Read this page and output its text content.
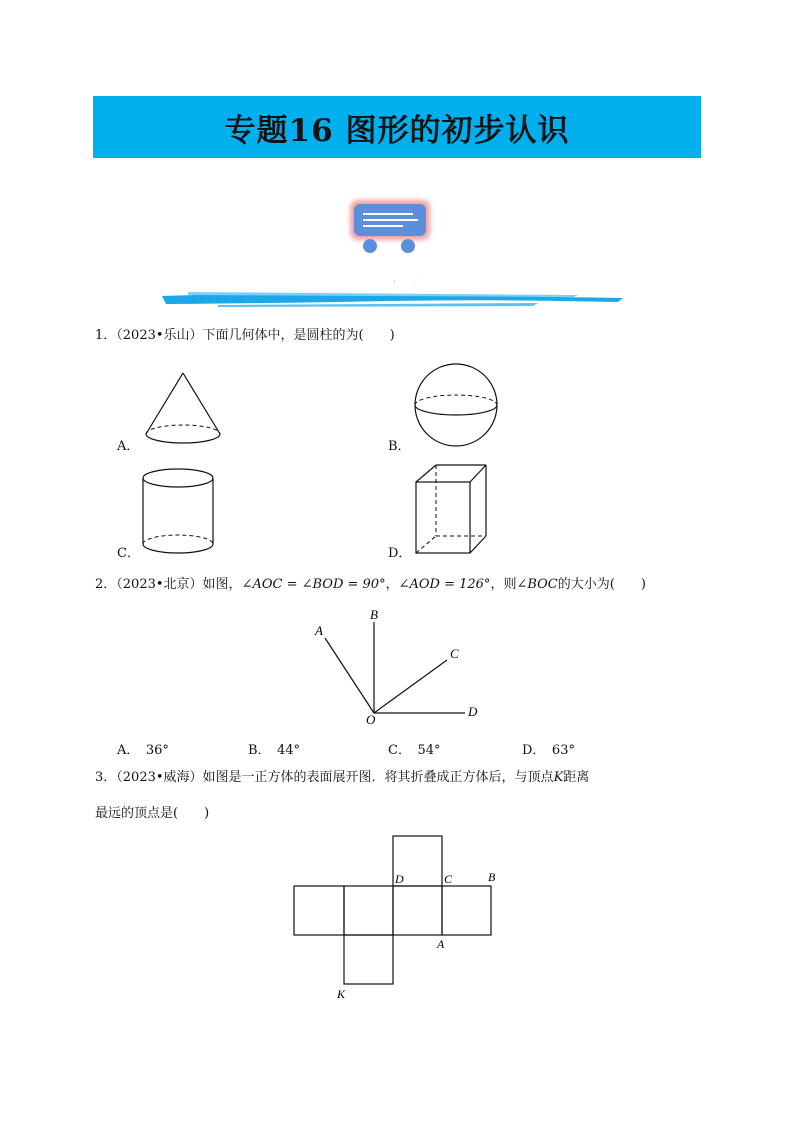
专题16 图形的初步认识
真题演练
1．（2023•乐山）下面几何体中，是圆柱的为(　　)
A．	B．
C．	D．
2．（2023•北京）如图，∠AOC = ∠BOD = 90°，∠AOD = 126°，则∠BOC的大小为(　　)
B
A
C
D
O
A．　36°	B．　44°	C．　54°	D．　63°
3．（2023•威海）如图是一正方体的表面展开图．将其折叠成正方体后，与顶点K距离
最远的顶点是(　　)
D	C	B
A
K
